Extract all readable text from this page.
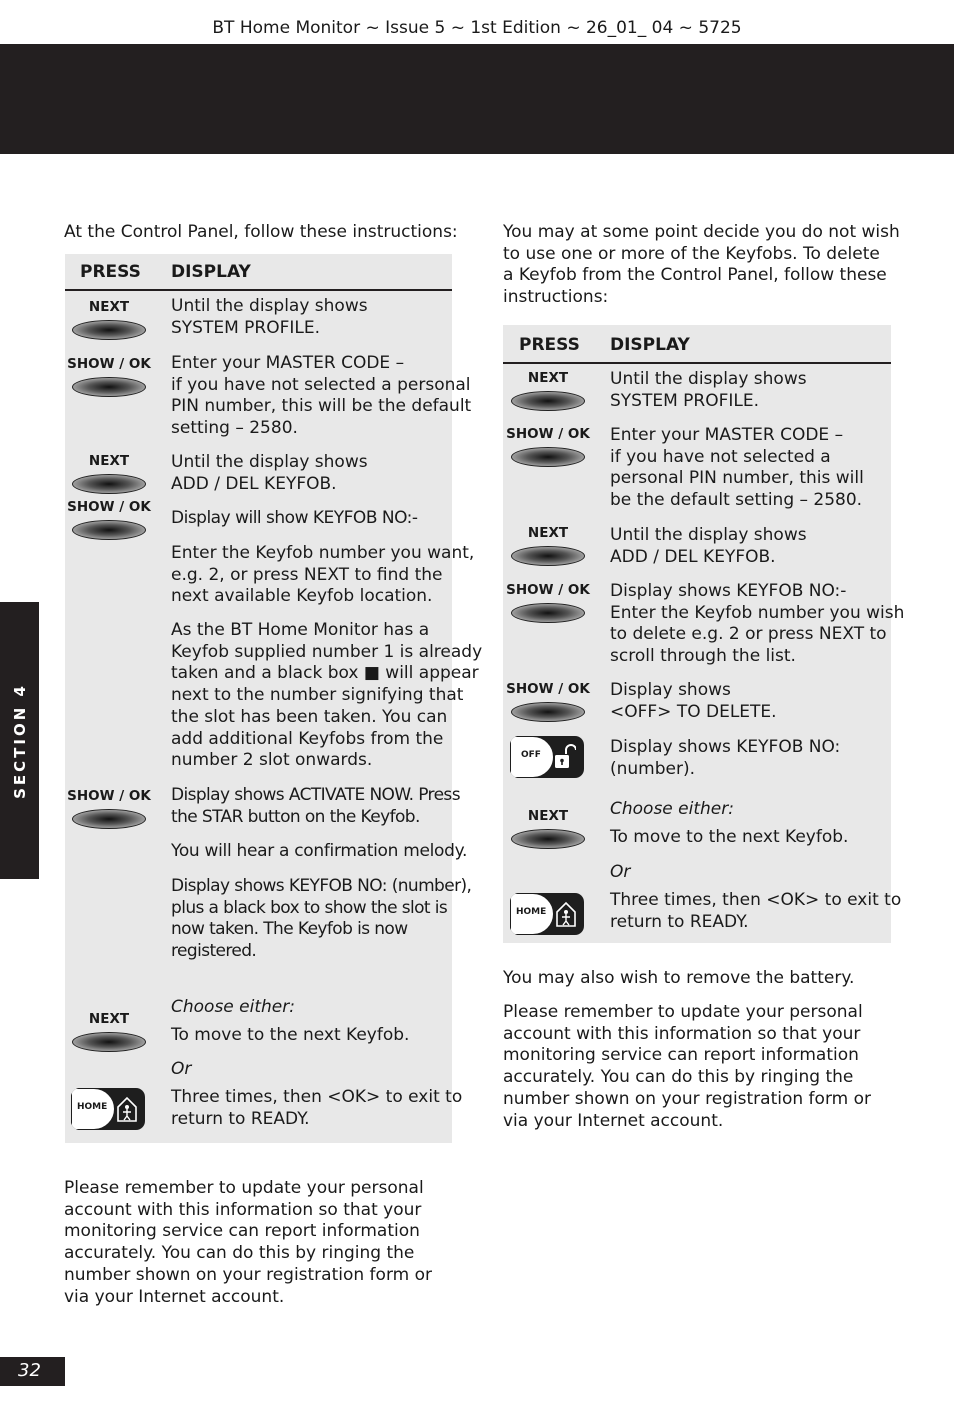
BT Home Monitor ~ Issue 5 ~ 1st Edition ~ 26_01_ 04 ~ 5725
SECTION 4

At the Control Panel, follow these instructions:

PRESS DISPLAY
NEXT
SHOW / OK
NEXT
SHOW / OK
SHOW / OK
NEXT
HOME
Until the display shows
SYSTEM PROFILE.
Enter your MASTER CODE –
if you have not selected a personal
PIN number, this will be the default
setting – 2580.
Until the display shows
ADD / DEL KEYFOB.
Display will show KEYFOB NO:-
Enter the Keyfob number you want,
e.g. 2, or press NEXT to find the
next available Keyfob location.
As the BT Home Monitor has a
Keyfob supplied number 1 is already
taken and a black box ■ will appear
next to the number signifying that
the slot has been taken. You can
add additional Keyfobs from the
number 2 slot onwards.
Display shows ACTIVATE NOW. Press
the STAR button on the Keyfob.
You will hear a confirmation melody.
Display shows KEYFOB NO: (number),
plus a black box to show the slot is
now taken. The Keyfob is now
registered.
Choose either:
To move to the next Keyfob.
Or
Three times, then <OK> to exit to
return to READY.

Please remember to update your personal

account with this information so that your

monitoring service can report information

accurately. You can do this by ringing the

number shown on your registration form or

via your Internet account.

You may at some point decide you do not wish

to use one or more of the Keyfobs. To delete

a Keyfob from the Control Panel, follow these

instructions:

PRESS DISPLAY
NEXT
SHOW / OK
NEXT
SHOW / OK
SHOW / OK
OFF
NEXT
HOME
Until the display shows
SYSTEM PROFILE.
Enter your MASTER CODE –
if you have not selected a
personal PIN number, this will
be the default setting – 2580.
Until the display shows
ADD / DEL KEYFOB.
Display shows KEYFOB NO:-
Enter the Keyfob number you wish
to delete e.g. 2 or press NEXT to
scroll through the list.
Display shows
<OFF> TO DELETE.
Display shows KEYFOB NO:
(number).
Choose either:
To move to the next Keyfob.
Or
Three times, then <OK> to exit to
return to READY.

You may also wish to remove the battery.

Please remember to update your personal

account with this information so that your

monitoring service can report information

accurately. You can do this by ringing the

number shown on your registration form or

via your Internet account.

32
